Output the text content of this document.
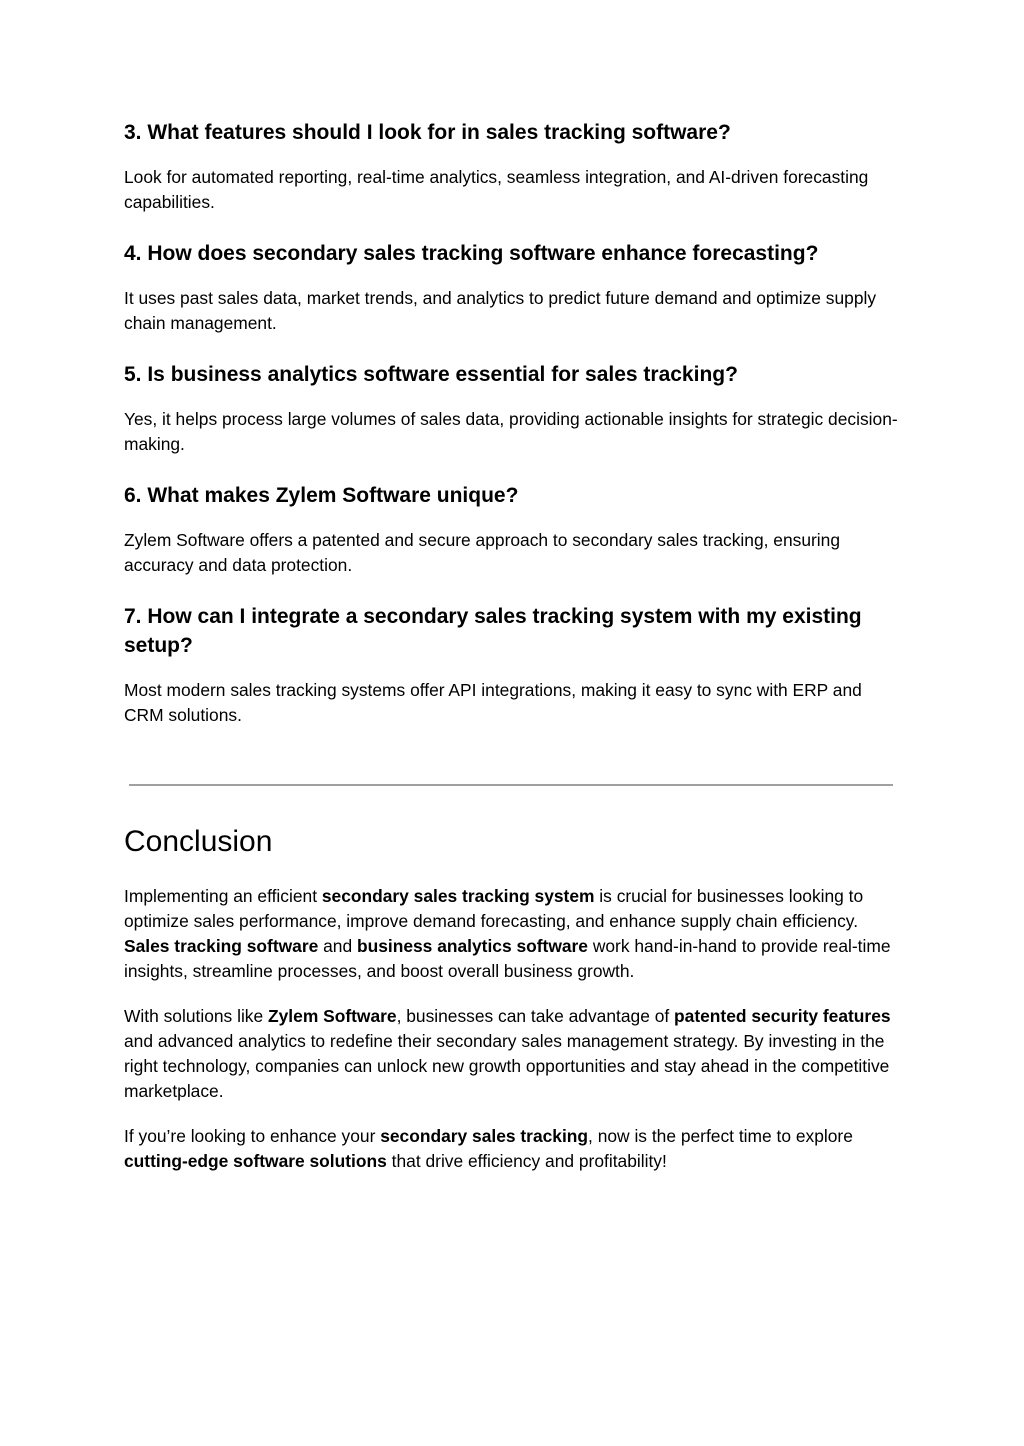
3. What features should I look for in sales tracking software?

Look for automated reporting, real-time analytics, seamless integration, and AI-driven forecasting capabilities.

4. How does secondary sales tracking software enhance forecasting?

It uses past sales data, market trends, and analytics to predict future demand and optimize supply chain management.

5. Is business analytics software essential for sales tracking?

Yes, it helps process large volumes of sales data, providing actionable insights for strategic decision-making.

6. What makes Zylem Software unique?

Zylem Software offers a patented and secure approach to secondary sales tracking, ensuring accuracy and data protection.

7. How can I integrate a secondary sales tracking system with my existing setup?

Most modern sales tracking systems offer API integrations, making it easy to sync with ERP and CRM solutions.

Conclusion

Implementing an efficient secondary sales tracking system is crucial for businesses looking to optimize sales performance, improve demand forecasting, and enhance supply chain efficiency. Sales tracking software and business analytics software work hand-in-hand to provide real-time insights, streamline processes, and boost overall business growth.

With solutions like Zylem Software, businesses can take advantage of patented security features and advanced analytics to redefine their secondary sales management strategy. By investing in the right technology, companies can unlock new growth opportunities and stay ahead in the competitive marketplace.

If you’re looking to enhance your secondary sales tracking, now is the perfect time to explore cutting-edge software solutions that drive efficiency and profitability!
